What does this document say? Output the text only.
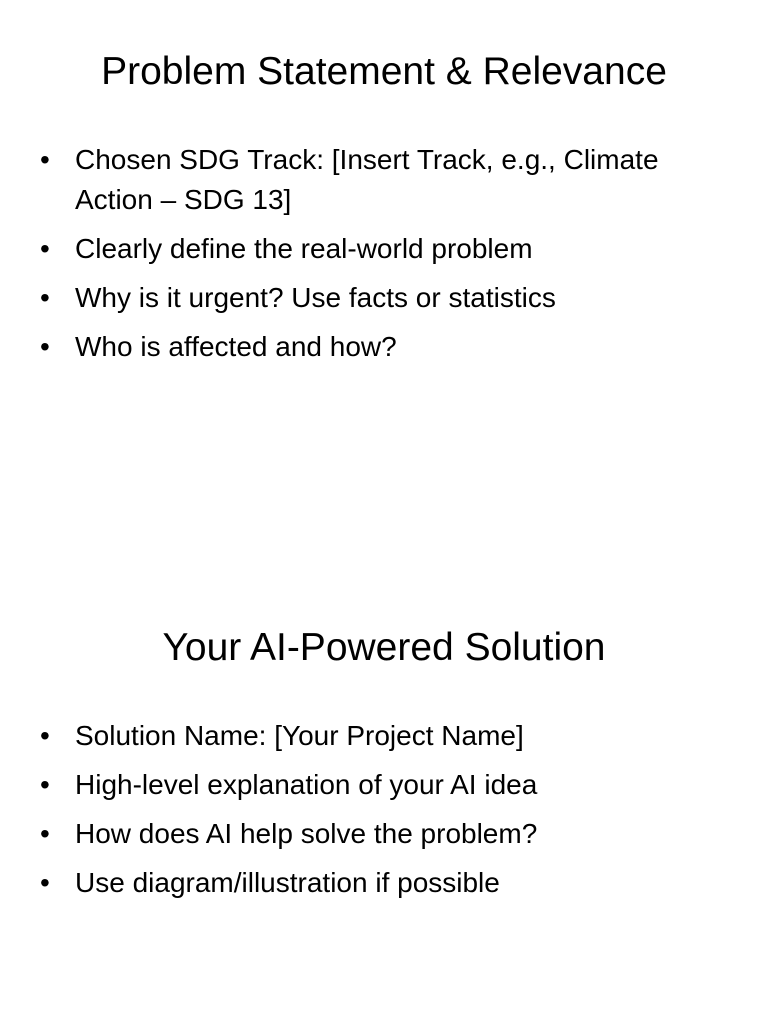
Problem Statement & Relevance
• Chosen SDG Track: [Insert Track, e.g., Climate Action – SDG 13]
• Clearly define the real-world problem
• Why is it urgent? Use facts or statistics
• Who is affected and how?
Your AI-Powered Solution
• Solution Name: [Your Project Name]
• High-level explanation of your AI idea
• How does AI help solve the problem?
• Use diagram/illustration if possible
